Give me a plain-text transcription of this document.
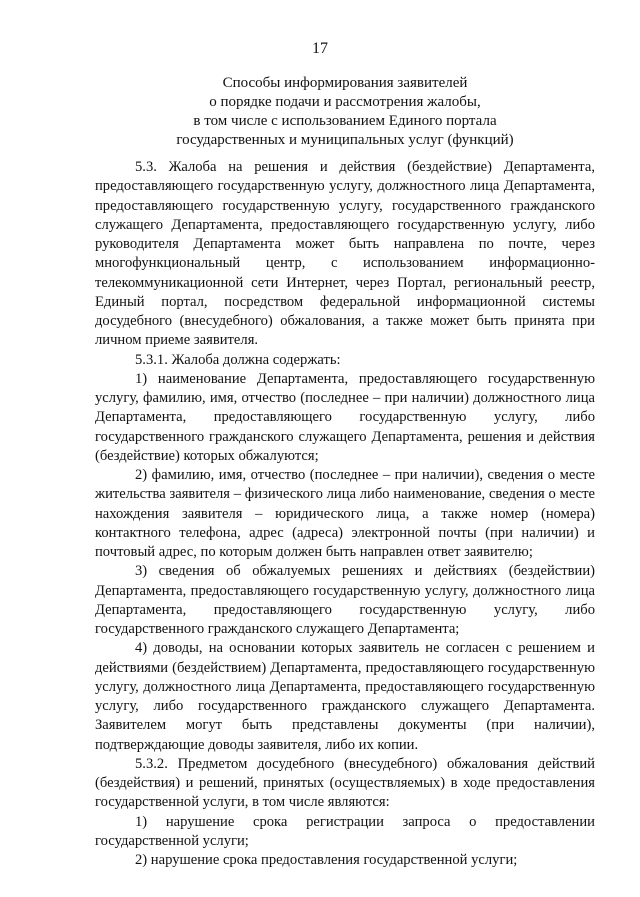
17
Способы информирования заявителей
о порядке подачи и рассмотрения жалобы,
в том числе с использованием Единого портала
государственных и муниципальных услуг (функций)

5.3. Жалоба на решения и действия (бездействие) Департамента, предоставляющего государственную услугу, должностного лица Департамента, предоставляющего государственную услугу, государственного гражданского служащего Департамента, предоставляющего государственную услугу, либо руководителя Департамента может быть направлена по почте, через многофункциональный центр, с использованием информационно-телекоммуникационной сети Интернет, через Портал, региональный реестр, Единый портал, посредством федеральной информационной системы досудебного (внесудебного) обжалования, а также может быть принята при личном приеме заявителя.

5.3.1. Жалоба должна содержать:

1) наименование Департамента, предоставляющего государственную услугу, фамилию, имя, отчество (последнее – при наличии) должностного лица Департамента, предоставляющего государственную услугу, либо государственного гражданского служащего Департамента, решения и действия (бездействие) которых обжалуются;

2) фамилию, имя, отчество (последнее – при наличии), сведения о месте жительства заявителя – физического лица либо наименование, сведения о месте нахождения заявителя – юридического лица, а также номер (номера) контактного телефона, адрес (адреса) электронной почты (при наличии) и почтовый адрес, по которым должен быть направлен ответ заявителю;

3) сведения об обжалуемых решениях и действиях (бездействии) Департамента, предоставляющего государственную услугу, должностного лица Департамента, предоставляющего государственную услугу, либо государственного гражданского служащего Департамента;

4) доводы, на основании которых заявитель не согласен с решением и действиями (бездействием) Департамента, предоставляющего государственную услугу, должностного лица Департамента, предоставляющего государственную услугу, либо государственного гражданского служащего Департамента. Заявителем могут быть представлены документы (при наличии), подтверждающие доводы заявителя, либо их копии.

5.3.2. Предметом досудебного (внесудебного) обжалования действий (бездействия) и решений, принятых (осуществляемых) в ходе предоставления государственной услуги, в том числе являются:

1) нарушение срока регистрации запроса о предоставлении государственной услуги;

2) нарушение срока предоставления государственной услуги;
